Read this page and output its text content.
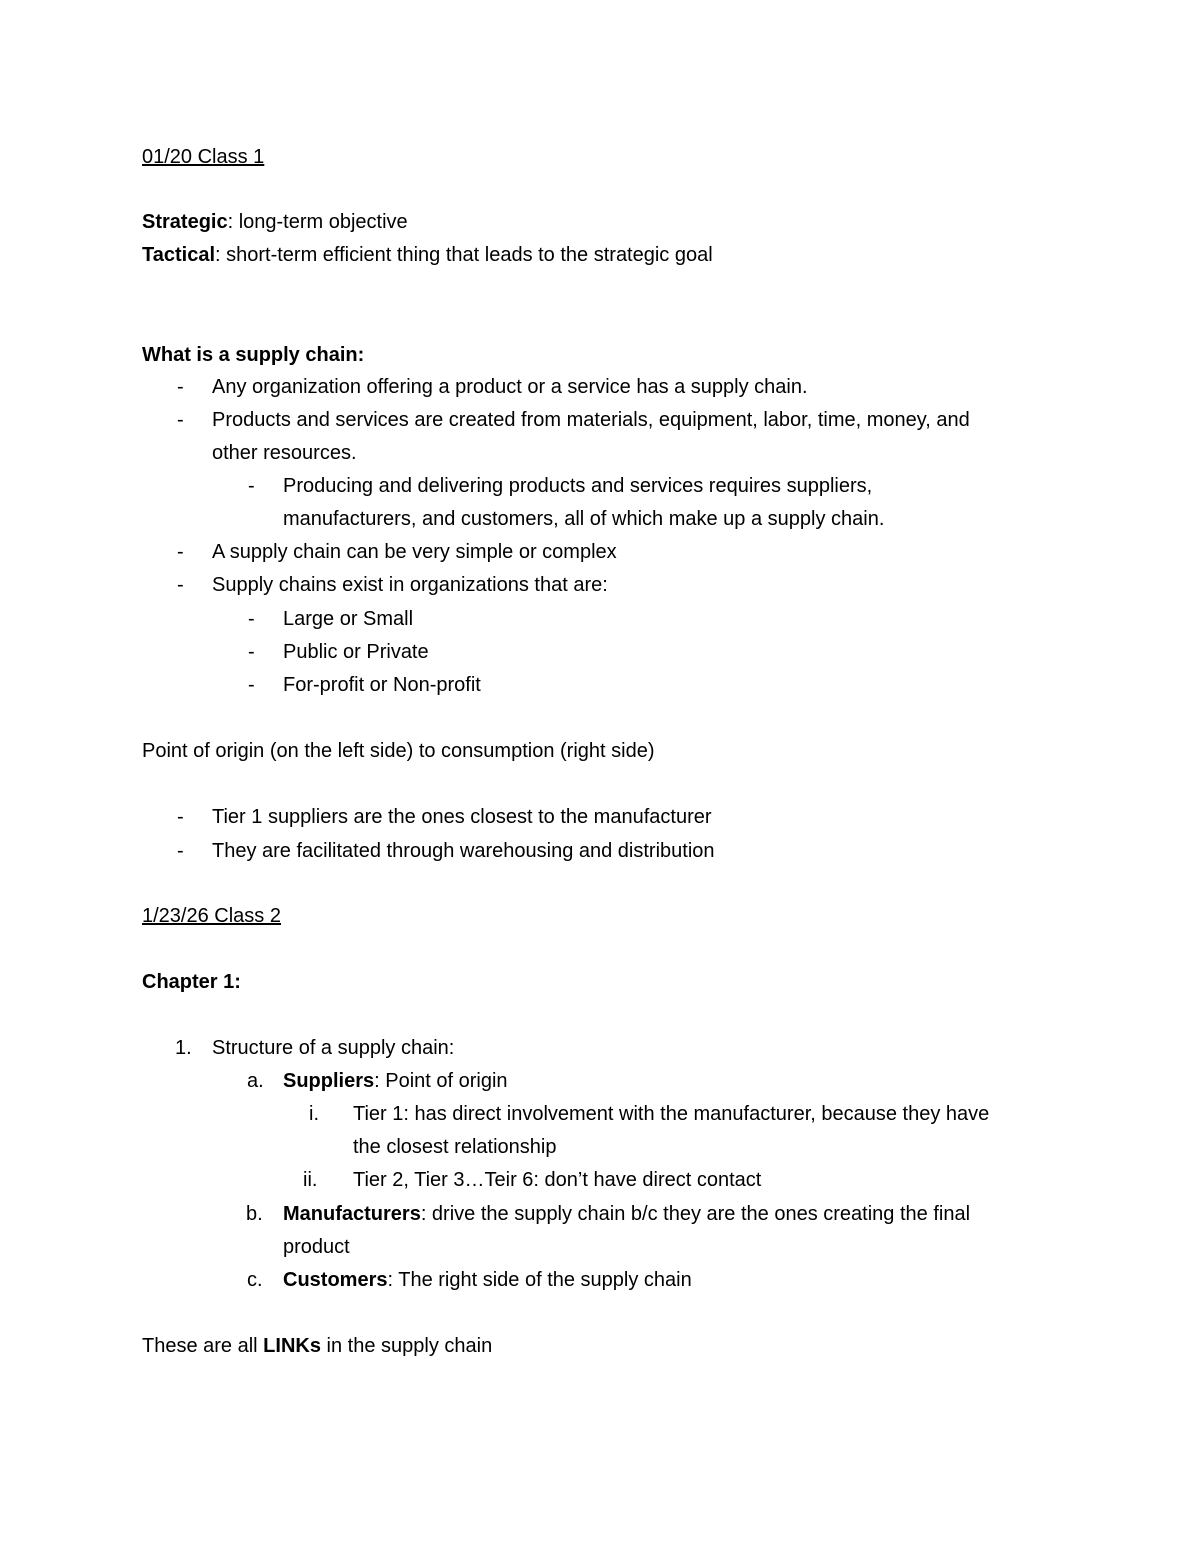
01/20 Class 1
Strategic: long-term objective
Tactical: short-term efficient thing that leads to the strategic goal
What is a supply chain:
- Any organization offering a product or a service has a supply chain.
- Products and services are created from materials, equipment, labor, time, money, and
other resources.
- Producing and delivering products and services requires suppliers,
manufacturers, and customers, all of which make up a supply chain.
- A supply chain can be very simple or complex
- Supply chains exist in organizations that are:
- Large or Small
- Public or Private
- For-profit or Non-profit
Point of origin (on the left side) to consumption (right side)
- Tier 1 suppliers are the ones closest to the manufacturer
- They are facilitated through warehousing and distribution
1/23/26 Class 2
Chapter 1:
1. Structure of a supply chain:
a. Suppliers: Point of origin
i. Tier 1: has direct involvement with the manufacturer, because they have
the closest relationship
ii. Tier 2, Tier 3…Teir 6: don’t have direct contact
b. Manufacturers: drive the supply chain b/c they are the ones creating the final
product
c. Customers: The right side of the supply chain
These are all LINKs in the supply chain
